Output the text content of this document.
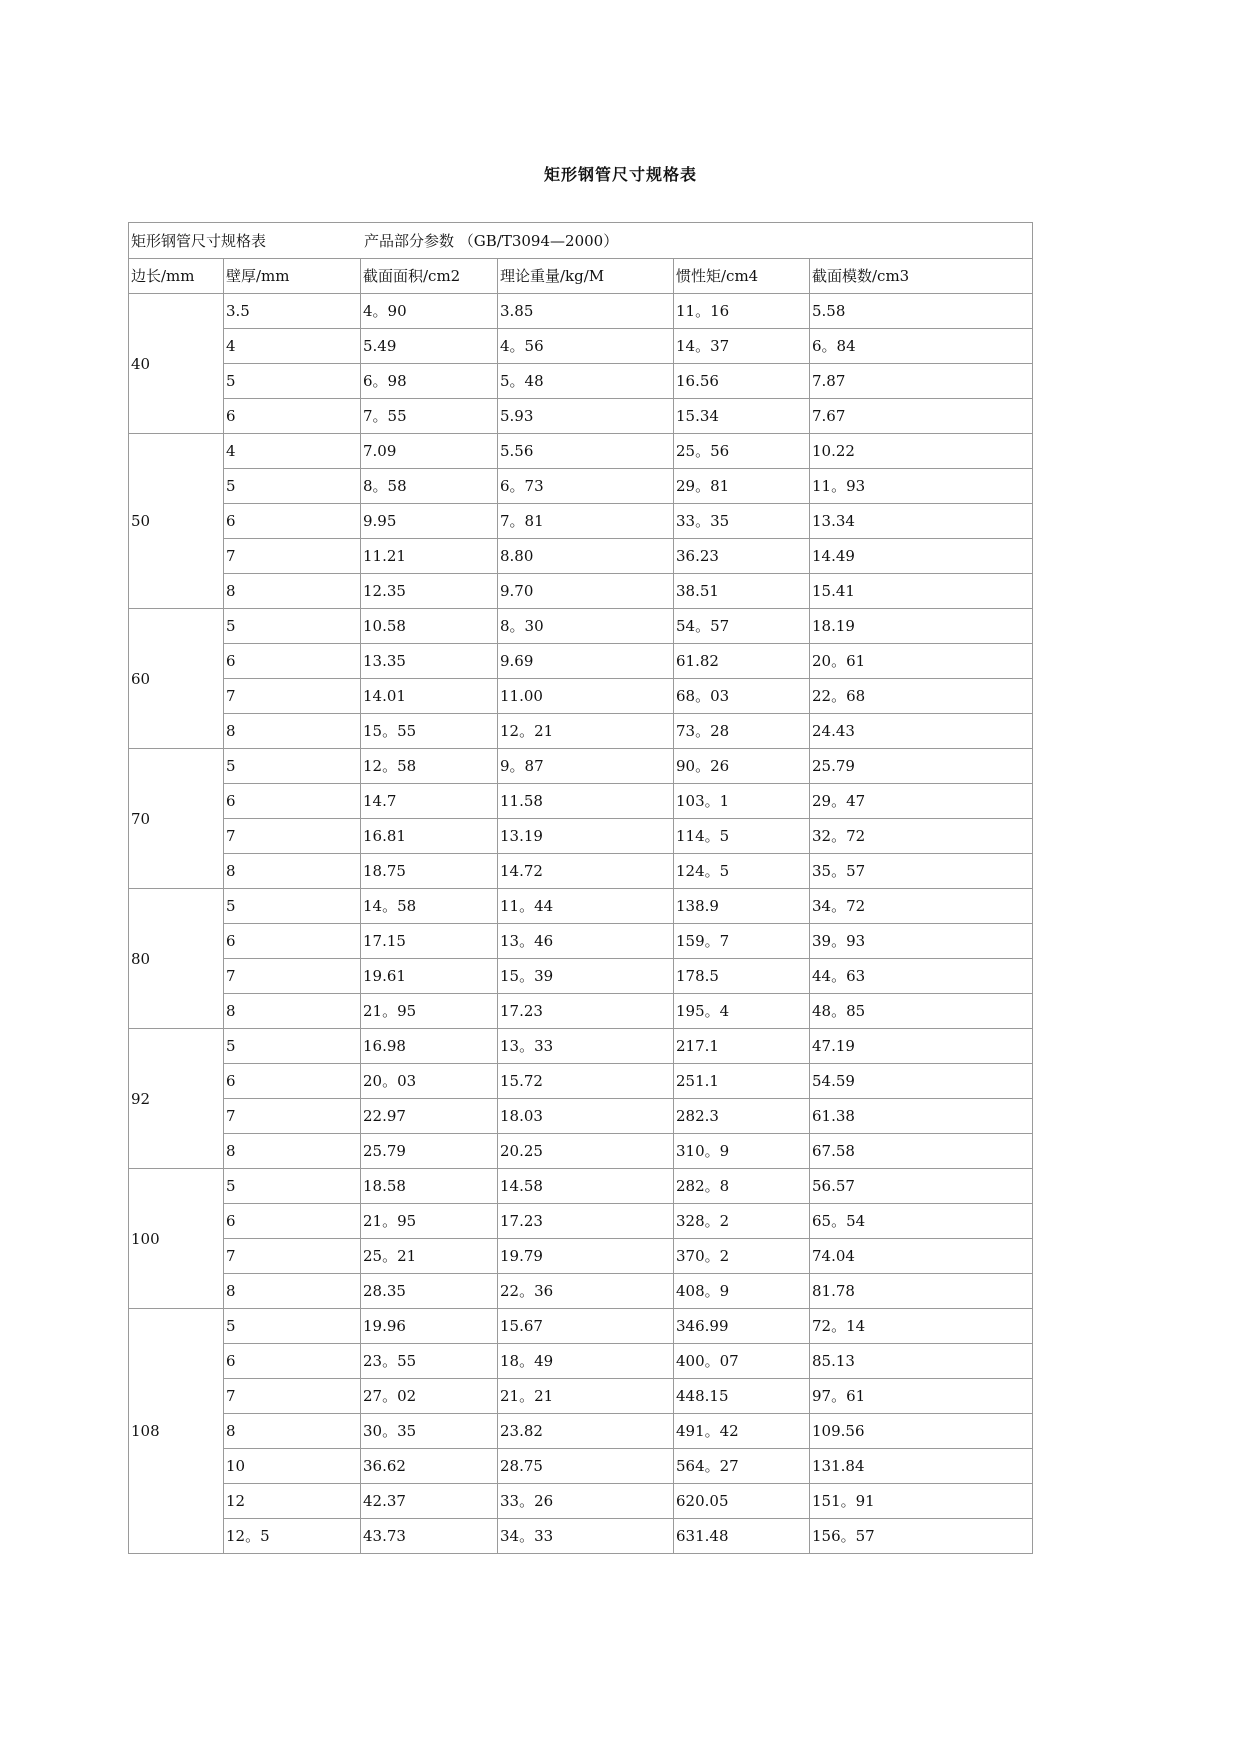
矩形钢管尺寸规格表
矩形钢管尺寸规格表 产品部分参数 （GB/T3094—2000）					
边长/mm	壁厚/mm	截面面积/cm2	理论重量/kg/M	惯性矩/cm4	截面模数/cm3
40	3.5	4。90	3.85	11。16	5.58
	4	5.49	4。56	14。37	6。84
	5	6。98	5。48	16.56	7.87
	6	7。55	5.93	15.34	7.67
50	4	7.09	5.56	25。56	10.22
	5	8。58	6。73	29。81	11。93
	6	9.95	7。81	33。35	13.34
	7	11.21	8.80	36.23	14.49
	8	12.35	9.70	38.51	15.41
60	5	10.58	8。30	54。57	18.19
	6	13.35	9.69	61.82	20。61
	7	14.01	11.00	68。03	22。68
	8	15。55	12。21	73。28	24.43
70	5	12。58	9。87	90。26	25.79
	6	14.7	11.58	103。1	29。47
	7	16.81	13.19	114。5	32。72
	8	18.75	14.72	124。5	35。57
80	5	14。58	11。44	138.9	34。72
	6	17.15	13。46	159。7	39。93
	7	19.61	15。39	178.5	44。63
	8	21。95	17.23	195。4	48。85
92	5	16.98	13。33	217.1	47.19
	6	20。03	15.72	251.1	54.59
	7	22.97	18.03	282.3	61.38
	8	25.79	20.25	310。9	67.58
100	5	18.58	14.58	282。8	56.57
	6	21。95	17.23	328。2	65。54
	7	25。21	19.79	370。2	74.04
	8	28.35	22。36	408。9	81.78
108	5	19.96	15.67	346.99	72。14
	6	23。55	18。49	400。07	85.13
	7	27。02	21。21	448.15	97。61
	8	30。35	23.82	491。42	109.56
	10	36.62	28.75	564。27	131.84
	12	42.37	33。26	620.05	151。91
	12。5	43.73	34。33	631.48	156。57
